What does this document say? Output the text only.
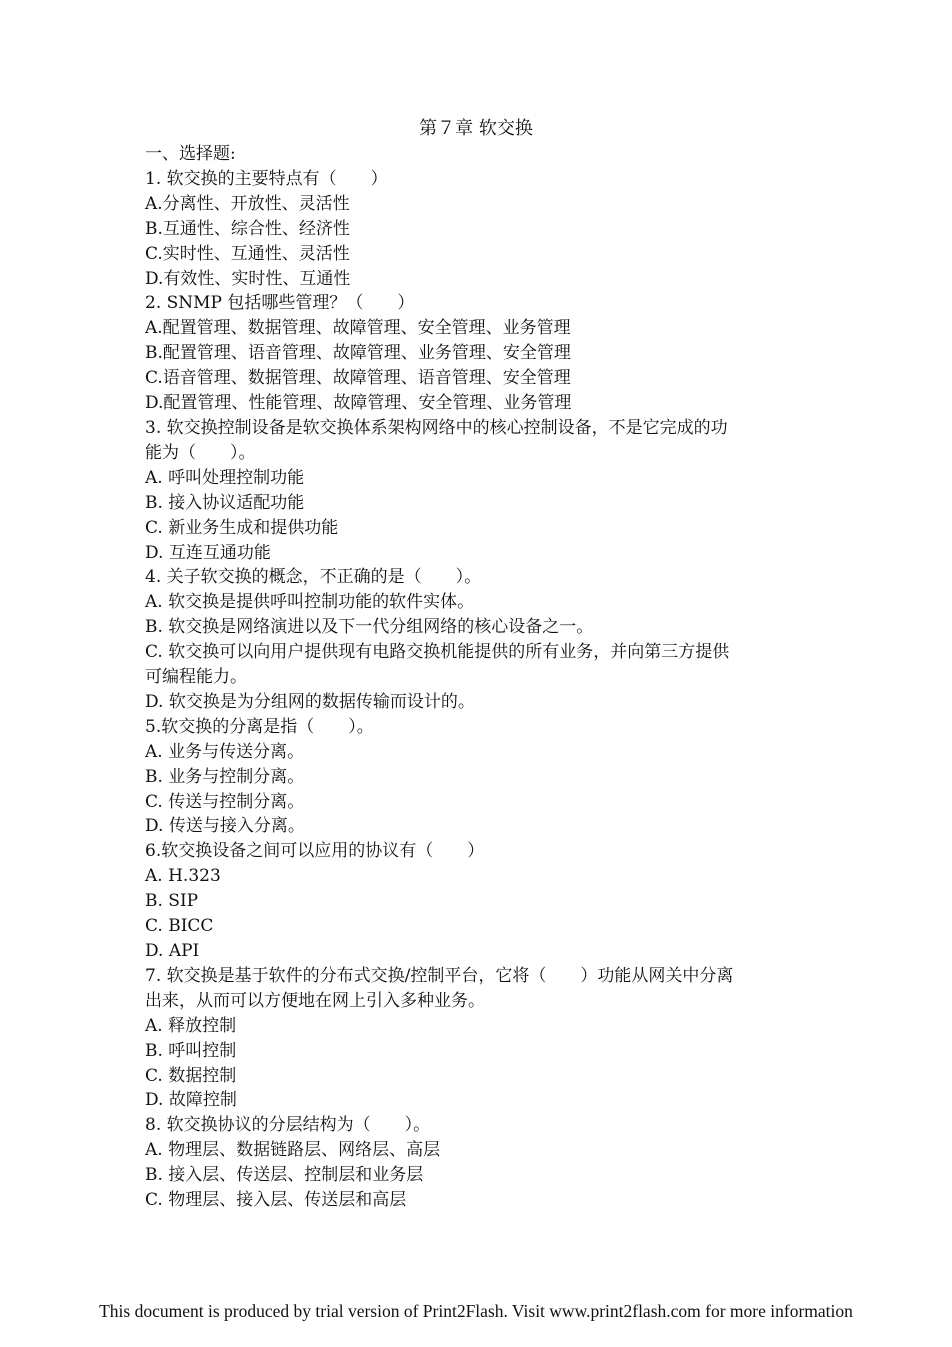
第７章 软交换
一、选择题:
1. 软交换的主要特点有（　　）
A.分离性、开放性、灵活性
B.互通性、综合性、经济性
C.实时性、互通性、灵活性
D.有效性、实时性、互通性
2. SNMP 包括哪些管理？（　　）
A.配置管理、数据管理、故障管理、安全管理、业务管理
B.配置管理、语音管理、故障管理、业务管理、安全管理
C.语音管理、数据管理、故障管理、语音管理、安全管理
D.配置管理、性能管理、故障管理、安全管理、业务管理
3. 软交换控制设备是软交换体系架构网络中的核心控制设备，不是它完成的功
能为（　　）。
A. 呼叫处理控制功能
B. 接入协议适配功能
C. 新业务生成和提供功能
D. 互连互通功能
4. 关子软交换的概念，不正确的是（　　）。
A. 软交换是提供呼叫控制功能的软件实体。
B. 软交换是网络演进以及下一代分组网络的核心设备之一。
C. 软交换可以向用户提供现有电路交换机能提供的所有业务，并向第三方提供
可编程能力。
D. 软交换是为分组网的数据传输而设计的。
5.软交换的分离是指（　　）。
A. 业务与传送分离。
B. 业务与控制分离。
C. 传送与控制分离。
D. 传送与接入分离。
6.软交换设备之间可以应用的协议有（　　）
A. H.323
B. SIP
C. BICC
D. API
7. 软交换是基于软件的分布式交换/控制平台，它将（　　）功能从网关中分离
出来，从而可以方便地在网上引入多种业务。
A. 释放控制
B. 呼叫控制
C. 数据控制
D. 故障控制
8. 软交换协议的分层结构为（　　）。
A. 物理层、数据链路层、网络层、高层
B. 接入层、传送层、控制层和业务层
C. 物理层、接入层、传送层和高层
This document is produced by trial version of Print2Flash. Visit www.print2flash.com for more information
